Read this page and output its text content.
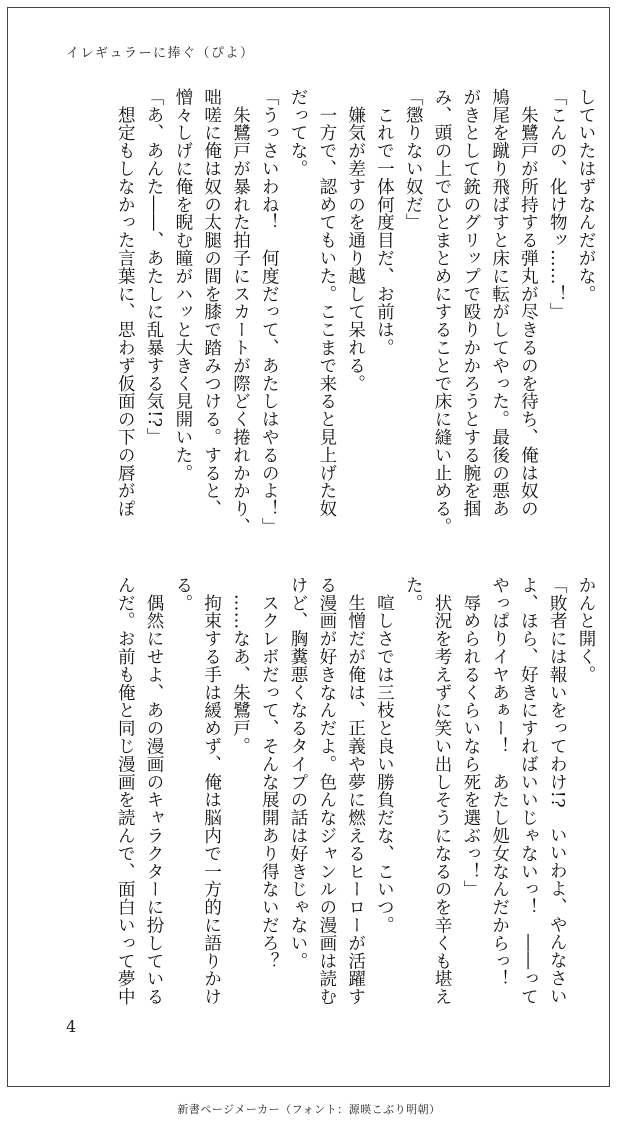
イレギュラーに捧ぐ（ぴよ）
していたはずなんだがな。
「こんの、化け物ッ……！」
　朱鷺戸が所持する弾丸が尽きるのを待ち、俺は奴の
鳩尾を蹴り飛ばすと床に転がしてやった。最後の悪あ
がきとして銃のグリップで殴りかかろうとする腕を掴
み、頭の上でひとまとめにすることで床に縫い止める。
「懲りない奴だ」
　これで一体何度目だ、お前は。
　嫌気が差すのを通り越して呆れる。
　一方で、認めてもいた。ここまで来ると見上げた奴
だってな。
「うっさいわね！　何度だって、あたしはやるのよ！」
　朱鷺戸が暴れた拍子にスカートが際どく捲れかかり、
咄嗟に俺は奴の太腿の間を膝で踏みつける。すると、
憎々しげに俺を睨む瞳がハッと大きく見開いた。
「あ、あんた――、あたしに乱暴する気!?」
　想定もしなかった言葉に、思わず仮面の下の唇がぽ
かんと開く。
「敗者には報いをってわけ!?　いいわよ、やんなさい
よ、ほら、好きにすればいいじゃないっ！　――って
やっぱりイヤあぁー！　あたし処女なんだからっ！
　辱められるくらいなら死を選ぶっ！」
　状況を考えずに笑い出しそうになるのを辛くも堪え
た。
　喧しさでは三枝と良い勝負だな、こいつ。
　生憎だが俺は、正義や夢に燃えるヒーローが活躍す
る漫画が好きなんだよ。色んなジャンルの漫画は読む
けど、胸糞悪くなるタイプの話は好きじゃない。
　スクレボだって、そんな展開あり得ないだろ？
　……なあ、朱鷺戸。
　拘束する手は緩めず、俺は脳内で一方的に語りかけ
る。
　偶然にせよ、あの漫画のキャラクターに扮している
んだ。お前も俺と同じ漫画を読んで、面白いって夢中
4
新書ページメーカー（フォント：源暎こぶり明朝）
